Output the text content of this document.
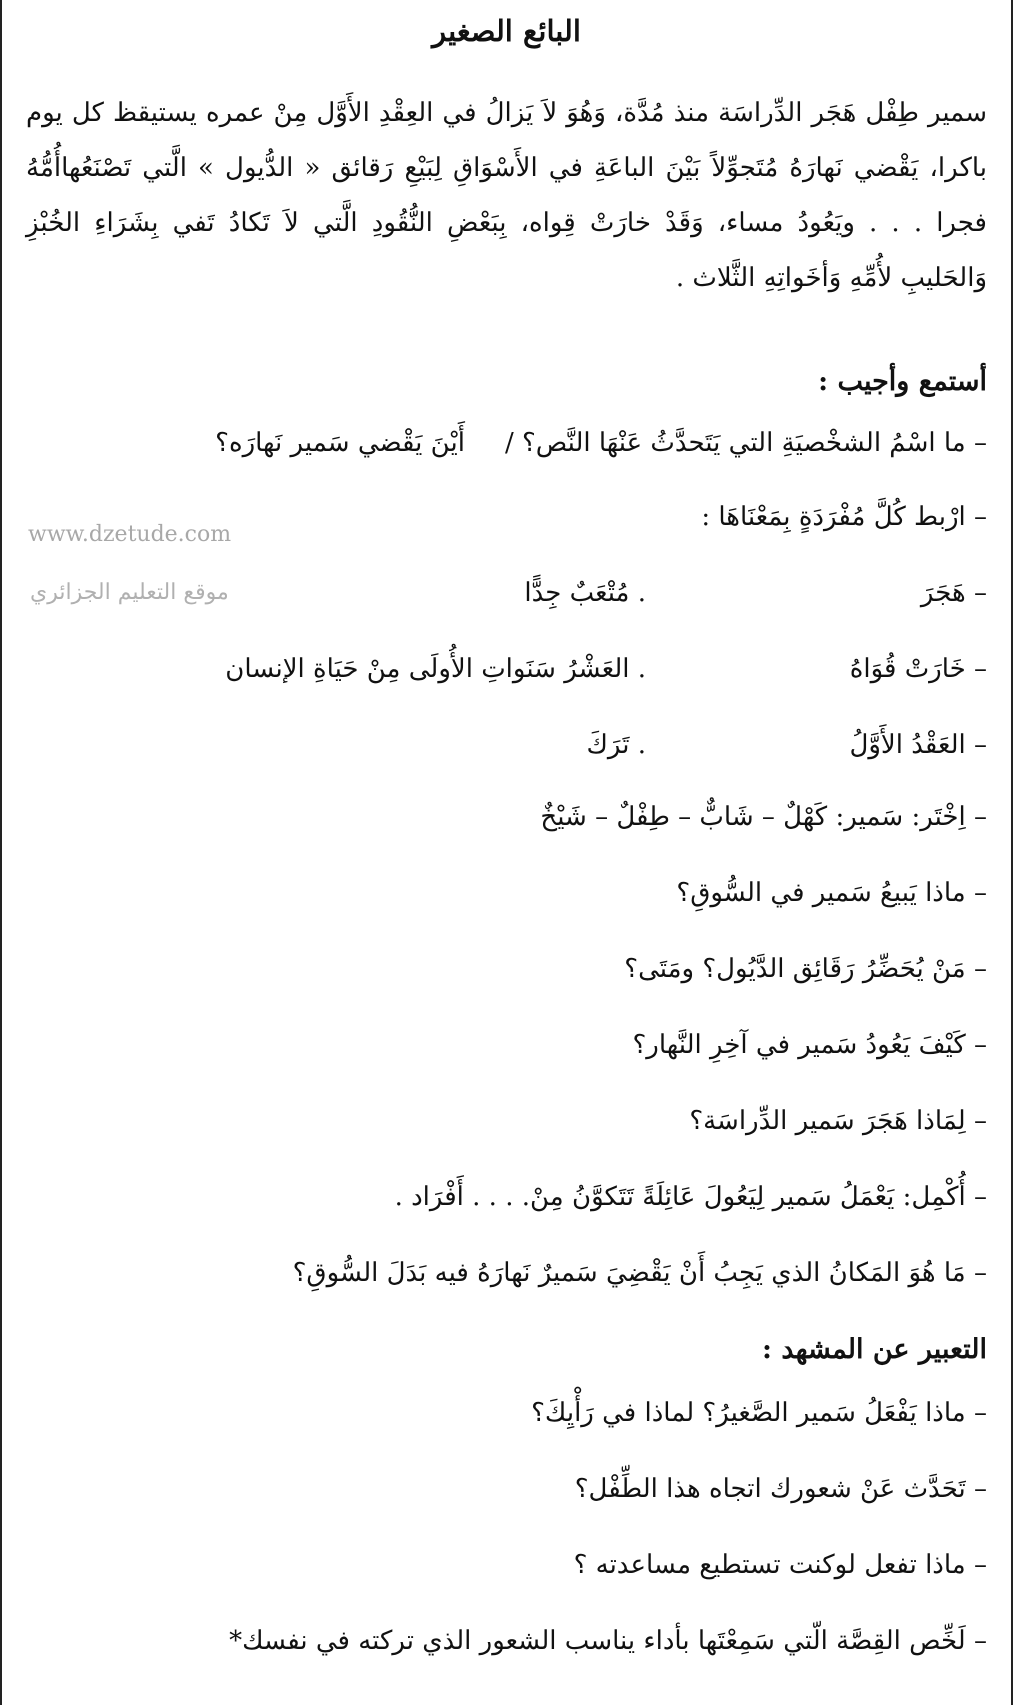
البائع الصغير

سمير طِفْل هَجَر الدِّراسَة منذ مُدَّة، وَهُوَ لاَ يَزالُ في العِقْدِ الأَوَّل مِنْ عمره يستيقظ كل يوم باكرا، يَقْضي نَهارَهُ مُتَجوِّلاً بَيْنَ الباعَةِ في الأَسْوَاقِ لِبَيْعِ رَقائق « الدُّيول » الَّتي تَصْنَعُهاأُمُّهُ فجرا . . . ويَعُودُ مساء، وَقَدْ خارَتْ قِواه، بِبَعْضِ النُّقُودِ الَّتي لاَ تَكادُ تَفي بِشَرَاءِ الخُبْزِ وَالحَليبِ لأُمِّهِ وَأخَواتِهِ الثَّلاث .

أستمع وأجيب :
– ما اسْمُ الشخْصيَةِ التي يَتَحدَّثُ عَنْهَا النَّص؟ /أَيْنَ يَقْضي سَمير نَهارَه؟
– ارْبط كُلَّ مُفْرَدَةٍ بِمَعْنَاهَا :
www.dzetude.com
موقع التعليم الجزائري	– هَجَرَ
. مُتْعَبٌ جِدًّا
– خَارَتْ قُوَاهُ
. العَشْرُ سَنَواتِ الأُولَى مِنْ حَيَاةِ الإنسان
– العَقْدُ الأَوَّلُ
. تَرَكَ
– اِخْتَر: سَمير: كَهْلٌ – شَابٌّ – طِفْلٌ – شَيْخٌ
– ماذا يَبيعُ سَمير في السُّوقِ؟
– مَنْ يُحَضِّرُ رَقَائِق الدَّيُول؟ ومَتَى؟
– كَيْفَ يَعُودُ سَمير في آخِرِ النَّهار؟
– لِمَاذا هَجَرَ سَمير الدِّراسَة؟
– أُكْمِل: يَعْمَلُ سَمير لِيَعُولَ عَائِلَةً تَتَكوَّنُ مِنْ. . . . أَفْرَاد .
– مَا هُوَ المَكانُ الذي يَجِبُ أَنْ يَقْضِيَ سَميرٌ نَهارَهُ فيه بَدَلَ السُّوقِ؟
التعبير عن المشهد :
– ماذا يَفْعَلُ سَمير الصَّغيرُ؟ لماذا في رَأْيِكَ؟
– تَحَدَّث عَنْ شعورك اتجاه هذا الطِّفْل؟
– ماذا تفعل لوكنت تستطيع مساعدته ؟
– لَخِّص القِصَّة الّتي سَمِعْتَها بأداء يناسب الشعور الذي تركته في نفسك*
